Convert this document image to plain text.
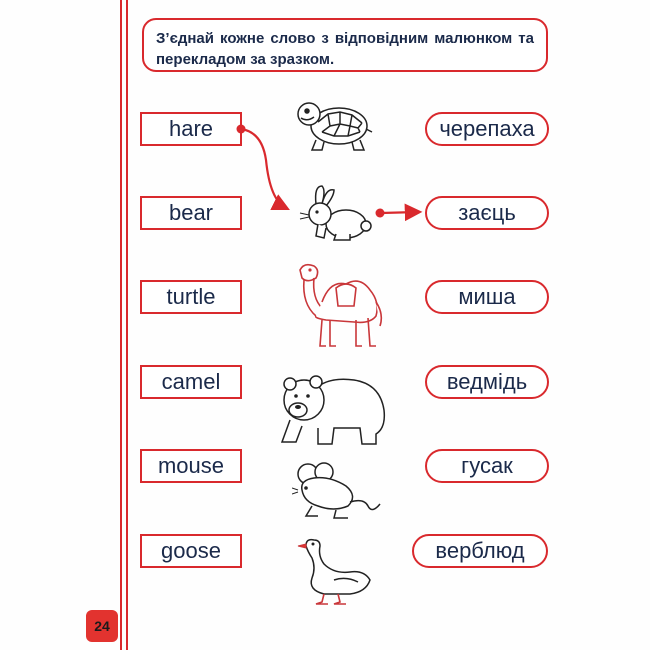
З’єднай кожне слово з відповідним малюнком та перекладом за зразком.
hare
bear
turtle
camel
mouse
goose
черепаха
заєць
миша
ведмідь
гусак
верблюд
24
